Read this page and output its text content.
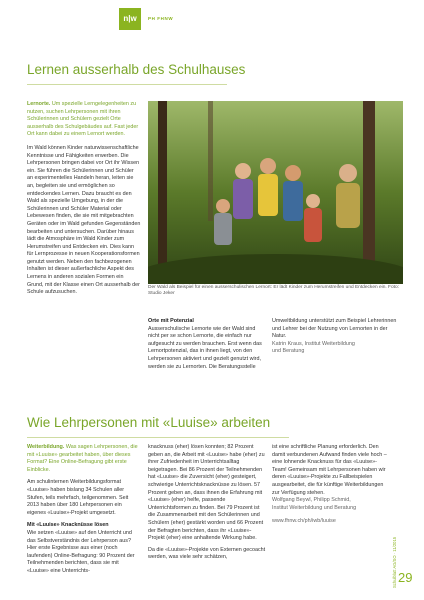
n|w	PH FHNW
Lernen ausserhalb des Schulhauses

Lernorte. Um spezielle Lerngelegenheiten zu nutzen, suchen Lehrpersonen mit ihren Schülerinnen und Schülern gezielt Orte ausserhalb des Schulgebäudes auf. Fast jeder Ort kann dabei zu einem Lernort werden.

Im Wald können Kinder naturwissenschaftliche Kenntnisse und Fähigkeiten erwerben. Die Lehrpersonen bringen dabei vor Ort ihr Wissen ein. Sie führen die Schülerinnen und Schüler an experimentelles Handeln heran, leiten sie an, begleiten sie und ermöglichen so entdeckendes Lernen. Dazu braucht es den Wald als spezielle Umgebung, in der die Schülerinnen und Schüler Material oder Lebewesen finden, die sie mit mitgebrachten Geräten oder im Wald gefunden Gegenständen bearbeiten und untersuchen. Darüber hinaus lädt die Atmosphäre im Wald Kinder zum Herumstreifen und Entdecken ein. Dies kann für Lernprozesse in neuen Kooperationsformen genutzt werden. Neben den fachbezogenen Inhalten ist dieser außerfachliche Aspekt des Lernens in anderen sozialen Formen ein Grund, mit der Klasse einen Ort ausserhalb der Schule aufzusuchen.

Der Wald als Beispiel für einen ausserschulischen Lernort: Er lädt Kinder zum Herumstreifen und Entdecken ein. Foto: Studio Jeker

Orte mit Potenzial

Ausserschulische Lernorte wie der Wald sind nicht per se schon Lernorte, die einfach nur aufgesucht zu werden brauchen. Erst wenn das Lernortpotenzial, das in ihnen liegt, von den Lehrpersonen aktiviert und gezielt genutzt wird, werden sie zu Lernorten. Die Beratungsstelle

Umweltbildung unterstützt zum Beispiel Lehrerinnen und Lehrer bei der Nutzung von Lernorten in der Natur.

Katrin Kraus, Institut Weiterbildung

und Beratung

Wie Lehrpersonen mit «Luuise» arbeiten

Weiterbildung. Was sagen Lehrpersonen, die mit «Luuise» gearbeitet haben, über dieses Format? Eine Online-Befragung gibt erste Einblicke.

Am schulinternen Weiterbildungsformat «Luuise» haben bislang 34 Schulen aller Stufen, teils mehrfach, teilgenommen. Seit 2013 haben über 180 Lehrpersonen ein eigenes «Luuise»-Projekt umgesetzt.

Mit «Luuise» Knacknüsse lösen

Wie setzen «Luuise» auf den Unterricht und das Selbstverständnis der Lehrperson aus? Hier erste Ergebnisse aus einer (noch laufenden) Online-Befragung: 90 Prozent der Teilnehmenden berichten, dass sie mit «Luuise» eine Unterrichts-

knacknuss (eher) lösen konnten; 82 Prozent geben an, die Arbeit mit «Luuise» habe (eher) zu ihrer Zufriedenheit im Unterrichtsalltag beigetragen. Bei 86 Prozent der Teilnehmenden hat «Luuise» die Zuversicht (eher) gesteigert, schwierige Unterrichtsknacknüsse zu lösen. 57 Prozent geben an, dass ihnen die Erfahrung mit «Luuise» (eher) helfe, passende Unterrichtsformen zu finden. Bei 79 Prozent ist die Zusammenarbeit mit den Schülerinnen und Schülern (eher) gestärkt worden und 66 Prozent der Befragten berichten, dass ihr «Luuise»-Projekt (eher) eine anhaltende Wirkung habe.

Da die «Luuise»-Projekte von Externen gecoacht werden, was viele sehr schätzen,

ist eine schriftliche Planung erforderlich. Den damit verbundenen Aufwand finden viele hoch – eine lohnende Knacknuss für das «Luuise»-Team! Gemeinsam mit Lehrpersonen haben wir deren «Luuise»-Projekte zu Fallbeispielen ausgearbeitet, die für künftige Weiterbildungen zur Verfügung stehen.

Wolfgang Beywl, Philipp Schmid,

Institut Weiterbildung und Beratung

www.fhnw.ch/ph/iwb/luuise

Schulblatt AG/SO · 11/2015 29
